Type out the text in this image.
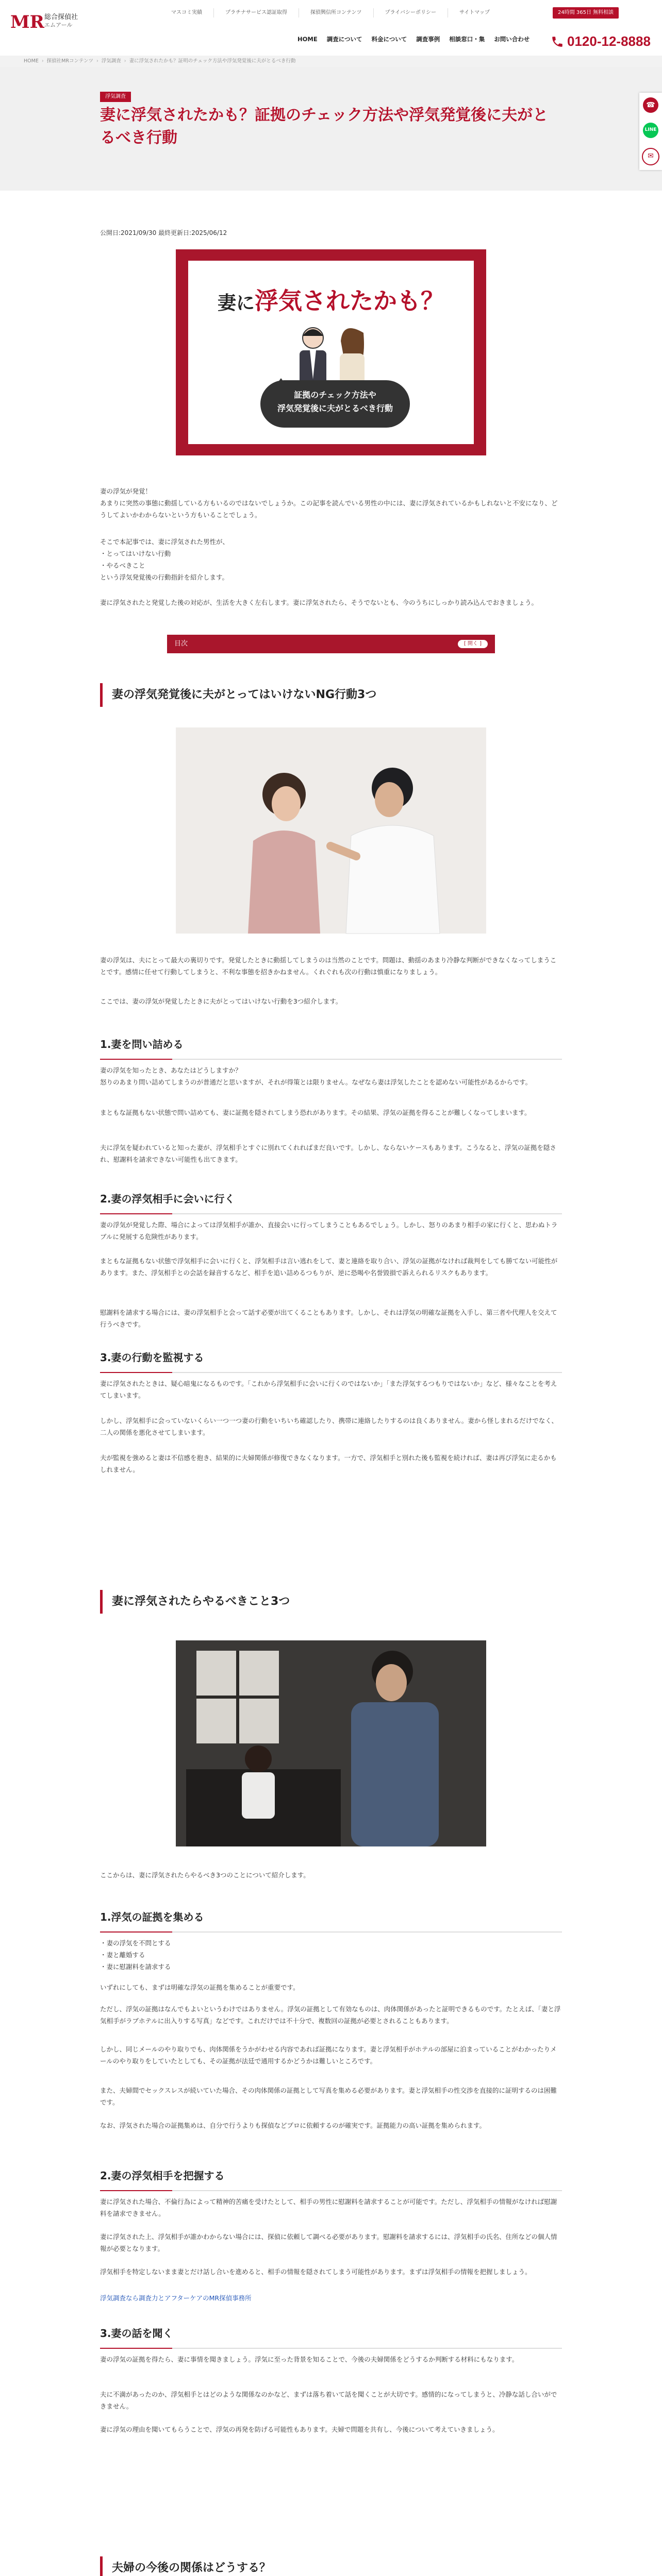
MR 総合探偵社
エムアール
マスコミ実績	プラチナサービス認証取得	探偵興信所コンテンツ	プライバシーポリシー	サイトマップ	24時間 365日 無料相談
HOME	調査について	料金について	調査事例	相談窓口・集	お問い合わせ	0120-12-8888
HOME › 探偵社MRコンテンツ › 浮気調査 › 妻に浮気されたかも？証明のチェック方法や浮気発覚後に夫がとるべき行動
浮気調査
妻に浮気されたかも？証拠のチェック方法や浮気発覚後に夫がとるべき行動
☎
LINE
✉
公開日:2021/09/30 最終更新日:2025/06/12
妻に浮気されたかも？
証拠のチェック方法や
浮気発覚後に夫がとるべき行動

妻の浮気が発覚！
あまりに突然の事態に動揺している方もいるのではないでしょうか。この記事を読んでいる男性の中には、妻に浮気されているかもしれないと不安になり、どうしてよいかわからないという方もいることでしょう。

そこで本記事では、妻に浮気された男性が、
・とってはいけない行動
・やるべきこと
という浮気発覚後の行動指針を紹介します。

妻に浮気されたと発覚した後の対応が、生活を大きく左右します。妻に浮気されたら、そうでないとも、今のうちにしっかり読み込んでおきましょう。

目次	[ 開く ]
妻の浮気発覚後に夫がとってはいけないNG行動3つ

妻の浮気は、夫にとって最大の裏切りです。発覚したときに動揺してしまうのは当然のことです。問題は、動揺のあまり冷静な判断ができなくなってしまうことです。感情に任せて行動してしまうと、不利な事態を招きかねません。くれぐれも次の行動は慎重になりましょう。

ここでは、妻の浮気が発覚したときに夫がとってはいけない行動を3つ紹介します。

1.妻を問い詰める

妻の浮気を知ったとき、あなたはどうしますか？
怒りのあまり問い詰めてしまうのが普通だと思いますが、それが得策とは限りません。なぜなら妻は浮気したことを認めない可能性があるからです。

まともな証拠もない状態で問い詰めても、妻に証拠を隠されてしまう恐れがあります。その結果、浮気の証拠を得ることが難しくなってしまいます。

夫に浮気を疑われていると知った妻が、浮気相手とすぐに別れてくれればまだ良いです。しかし、ならないケースもあります。こうなると、浮気の証拠を隠され、慰謝料を請求できない可能性も出てきます。

2.妻の浮気相手に会いに行く

妻の浮気が発覚した際、場合によっては浮気相手が誰か、直接会いに行ってしまうこともあるでしょう。しかし、怒りのあまり相手の家に行くと、思わぬトラブルに発展する危険性があります。

まともな証拠もない状態で浮気相手に会いに行くと、浮気相手は言い逃れをして、妻と連絡を取り合い、浮気の証拠がなければ裁判をしても勝てない可能性があります。また、浮気相手との会話を録音するなど、相手を追い詰めるつもりが、逆に恐喝や名誉毀損で訴えられるリスクもあります。

慰謝料を請求する場合には、妻の浮気相手と会って話す必要が出てくることもあります。しかし、それは浮気の明確な証拠を入手し、第三者や代理人を交えて行うべきです。

3.妻の行動を監視する

妻に浮気されたときは、疑心暗鬼になるものです。「これから浮気相手に会いに行くのではないか」「また浮気するつもりではないか」など、様々なことを考えてしまいます。

しかし、浮気相手に会っていないくらい一つ一つ妻の行動をいちいち確認したり、携帯に連絡したりするのは良くありません。妻から怪しまれるだけでなく、二人の関係を悪化させてしまいます。

夫が監視を強めると妻は不信感を抱き、結果的に夫婦関係が修復できなくなります。一方で、浮気相手と別れた後も監視を続ければ、妻は再び浮気に走るかもしれません。

妻に浮気されたらやるべきこと3つ

ここからは、妻に浮気されたらやるべき3つのことについて紹介します。

1.浮気の証拠を集める

・妻の浮気を不問とする
・妻と離婚する
・妻に慰謝料を請求する

いずれにしても、まずは明確な浮気の証拠を集めることが重要です。

ただし、浮気の証拠はなんでもよいというわけではありません。浮気の証拠として有効なものは、肉体関係があったと証明できるものです。たとえば、「妻と浮気相手がラブホテルに出入りする写真」などです。これだけでは不十分で、複数回の証拠が必要とされることもあります。

しかし、同じメールのやり取りでも、肉体関係をうかがわせる内容であれば証拠になります。妻と浮気相手がホテルの部屋に泊まっていることがわかったりメールのやり取りをしていたとしても、その証拠が法廷で通用するかどうかは難しいところです。

また、夫婦間でセックスレスが続いていた場合、その肉体関係の証拠として写真を集める必要があります。妻と浮気相手の性交渉を直接的に証明するのは困難です。

なお、浮気された場合の証拠集めは、自分で行うよりも探偵などプロに依頼するのが確実です。証拠能力の高い証拠を集められます。

2.妻の浮気相手を把握する

妻に浮気された場合、不倫行為によって精神的苦痛を受けたとして、相手の男性に慰謝料を請求することが可能です。ただし、浮気相手の情報がなければ慰謝料を請求できません。

妻に浮気された上、浮気相手が誰かわからない場合には、探偵に依頼して調べる必要があります。慰謝料を請求するには、浮気相手の氏名、住所などの個人情報が必要となります。

浮気相手を特定しないまま妻とだけ話し合いを進めると、相手の情報を隠されてしまう可能性があります。まずは浮気相手の情報を把握しましょう。

浮気調査なら調査力とアフターケアのMR探偵事務所
3.妻の話を聞く

妻の浮気の証拠を得たら、妻に事情を聞きましょう。浮気に至った背景を知ることで、今後の夫婦関係をどうするか判断する材料にもなります。

夫に不満があったのか、浮気相手とはどのような関係なのかなど、まずは落ち着いて話を聞くことが大切です。感情的になってしまうと、冷静な話し合いができません。

妻に浮気の理由を聞いてもらうことで、浮気の再発を防げる可能性もあります。夫婦で問題を共有し、今後について考えていきましょう。

夫婦の今後の関係はどうする？
